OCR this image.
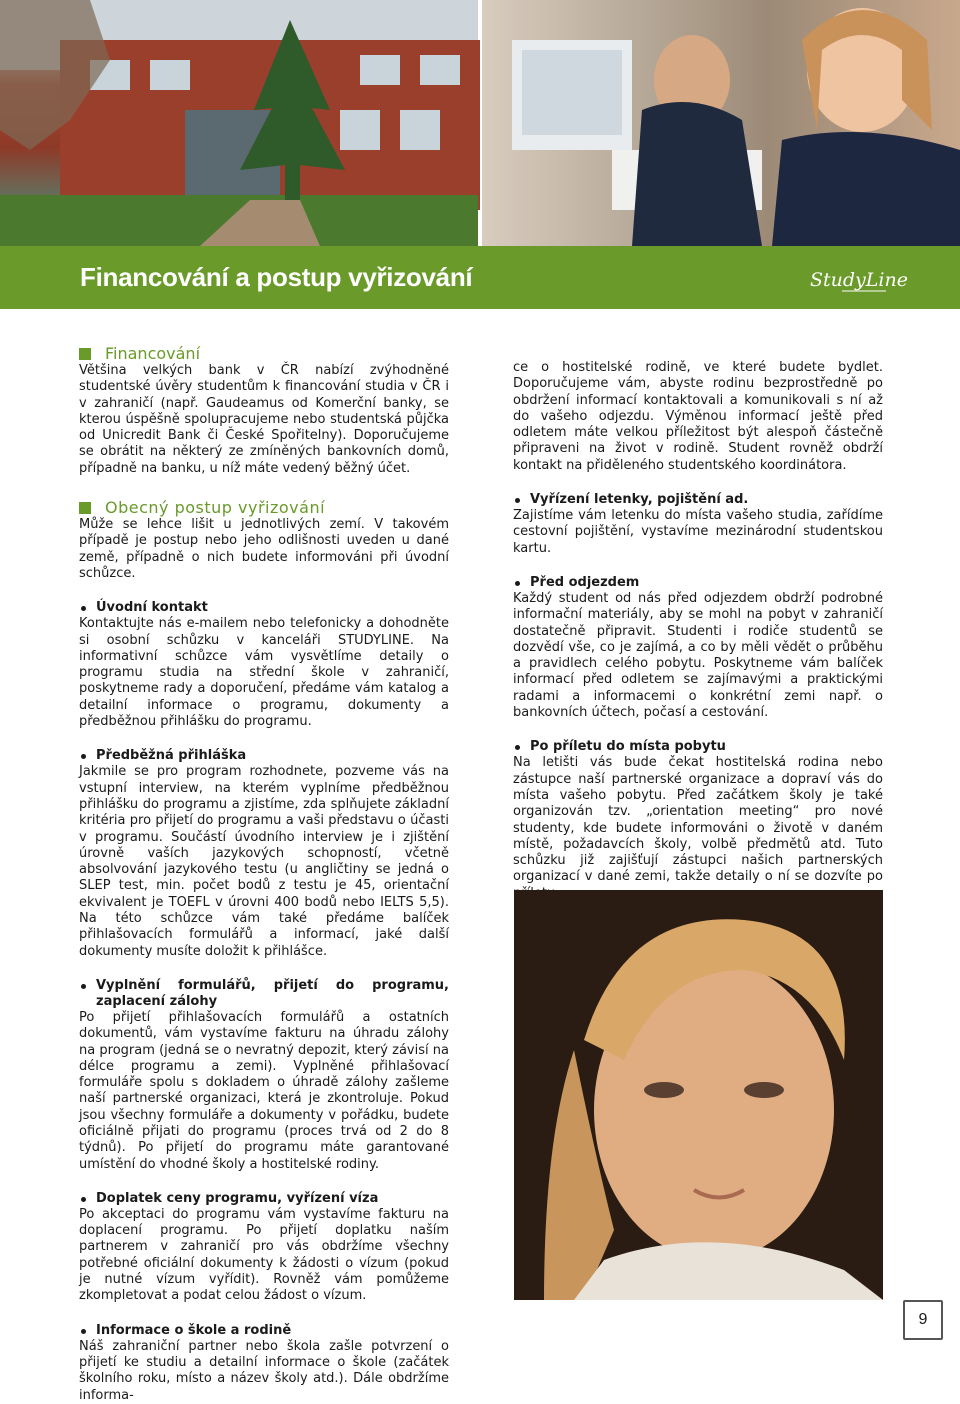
Financování a postup vyřizování	StudyLine
Financování

Většina velkých bank v ČR nabízí zvýhodněné studentské úvěry studentům k financování studia v ČR i v zahraničí (např. Gaudeamus od Komerční banky, se kterou úspěšně spolupracujeme nebo studentská půjčka od Unicredit Bank či České Spořitelny). Doporučujeme se obrátit na některý ze zmíněných bankovních domů, případně na banku, u níž máte vedený běžný účet.

Obecný postup vyřizování

Může se lehce lišit u jednotlivých zemí. V takovém případě je postup nebo jeho odlišnosti uveden u dané země, případně o nich budete informováni při úvodní schůzce.

Úvodní kontakt

Kontaktujte nás e-mailem nebo telefonicky a dohodněte si osobní schůzku v kanceláři STUDYLINE. Na informativní schůzce vám vysvětlíme detaily o programu studia na střední škole v zahraničí, poskytneme rady a doporučení, předáme vám katalog a detailní informace o programu, dokumenty a předběžnou přihlášku do programu.

Předběžná přihláška

Jakmile se pro program rozhodnete, pozveme vás na vstupní interview, na kterém vyplníme předběžnou přihlášku do programu a zjistíme, zda splňujete základní kritéria pro přijetí do programu a vaši představu o účasti v programu. Součástí úvodního interview je i zjištění úrovně vaších jazykových schopností, včetně absolvování jazykového testu (u angličtiny se jedná o SLEP test, min. počet bodů z testu je 45, orientační ekvivalent je TOEFL v úrovni 400 bodů nebo IELTS 5,5). Na této schůzce vám také předáme balíček přihlašovacích formulářů a informací, jaké další dokumenty musíte doložit k přihlášce.

Vyplnění formulářů, přijetí do programu, zaplacení zálohy

Po přijetí přihlašovacích formulářů a ostatních dokumentů, vám vystavíme fakturu na úhradu zálohy na program (jedná se o nevratný depozit, který závisí na délce programu a zemi). Vyplněné přihlašovací formuláře spolu s dokladem o úhradě zálohy zašleme naší partnerské organizaci, která je zkontroluje. Pokud jsou všechny formuláře a dokumenty v pořádku, budete oficiálně přijati do programu (proces trvá od 2 do 8 týdnů). Po přijetí do programu máte garantované umístění do vhodné školy a hostitelské rodiny.

Doplatek ceny programu, vyřízení víza

Po akceptaci do programu vám vystavíme fakturu na doplacení programu. Po přijetí doplatku naším partnerem v zahraničí pro vás obdržíme všechny potřebné oficiální dokumenty k žádosti o vízum (pokud je nutné vízum vyřídit). Rovněž vám pomůžeme zkompletovat a podat celou žádost o vízum.

Informace o škole a rodině

Náš zahraniční partner nebo škola zašle potvrzení o přijetí ke studiu a detailní informace o škole (začátek školního roku, místo a název školy atd.). Dále obdržíme informa-

ce o hostitelské rodině, ve které budete bydlet. Doporučujeme vám, abyste rodinu bezprostředně po obdržení informací kontaktovali a komunikovali s ní až do vašeho odjezdu. Výměnou informací ještě před odletem máte velkou příležitost být alespoň částečně připraveni na život v rodině. Student rovněž obdrží kontakt na přiděleného studentského koordinátora.

Vyřízení letenky, pojištění ad.

Zajistíme vám letenku do místa vašeho studia, zařídíme cestovní pojištění, vystavíme mezinárodní studentskou kartu.

Před odjezdem

Každý student od nás před odjezdem obdrží podrobné informační materiály, aby se mohl na pobyt v zahraničí dostatečně připravit. Studenti i rodiče studentů se dozvědí vše, co je zajímá, a co by měli vědět o průběhu a pravidlech celého pobytu. Poskytneme vám balíček informací před odletem se zajímavými a praktickými radami a informacemi o konkrétní zemi např. o bankovních účtech, počasí a cestování.

Po příletu do místa pobytu

Na letišti vás bude čekat hostitelská rodina nebo zástupce naší partnerské organizace a dopraví vás do místa vašeho pobytu. Před začátkem školy je také organizován tzv. „orientation meeting“ pro nové studenty, kde budete informováni o životě v daném místě, požadavcích školy, volbě předmětů atd. Tuto schůzku již zajišťují zástupci našich partnerských organizací v dané zemi, takže detaily o ní se dozvíte po

9
